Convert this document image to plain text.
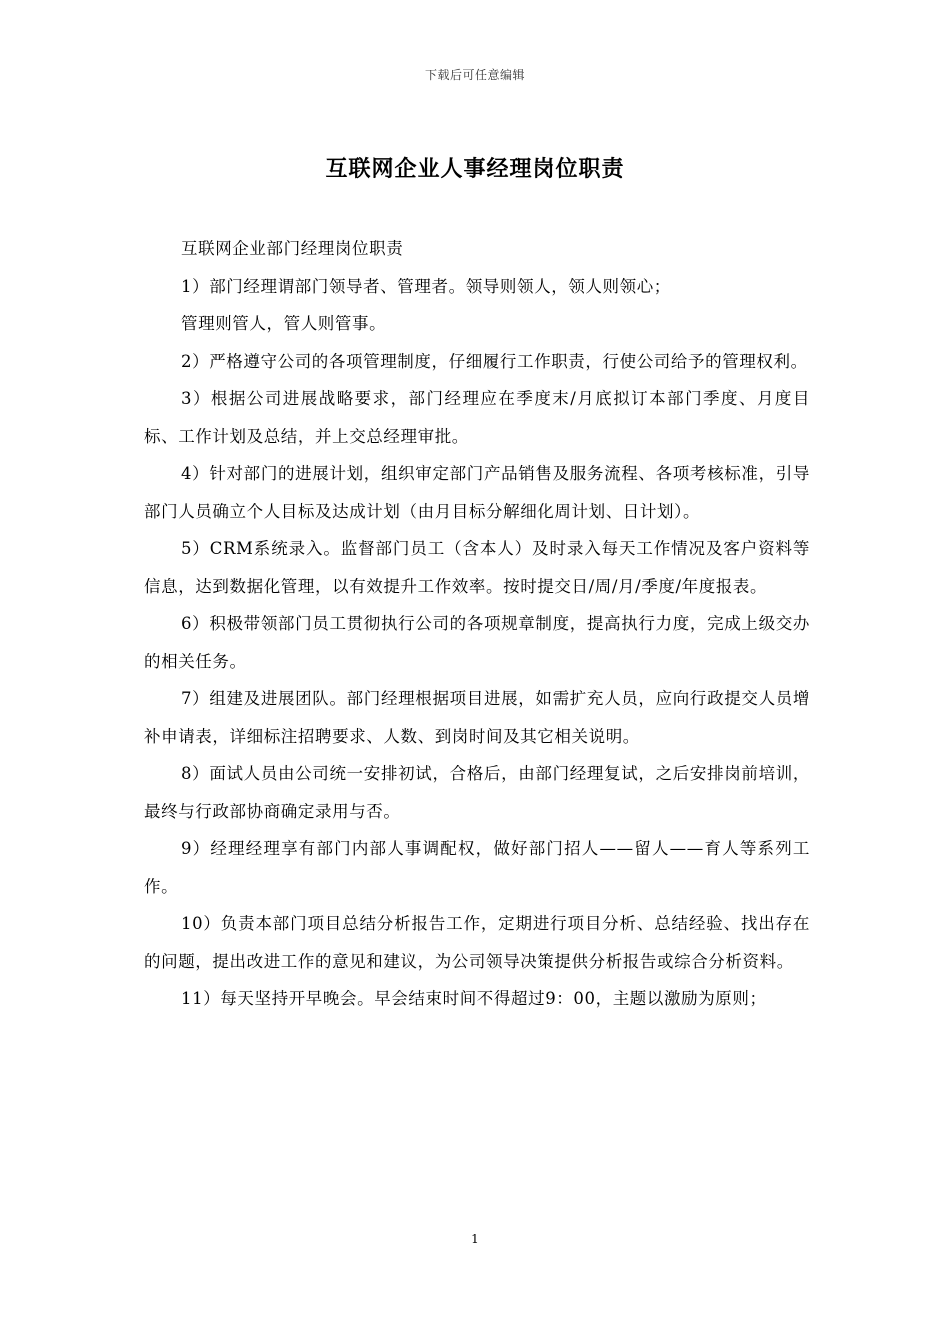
下载后可任意编辑
互联网企业人事经理岗位职责

互联网企业部门经理岗位职责

1）部门经理谓部门领导者、管理者。领导则领人，领人则领心；

管理则管人，管人则管事。

2）严格遵守公司的各项管理制度，仔细履行工作职责，行使公司给予的管理权利。

3）根据公司进展战略要求，部门经理应在季度末/月底拟订本部门季度、月度目标、工作计划及总结，并上交总经理审批。

4）针对部门的进展计划，组织审定部门产品销售及服务流程、各项考核标准，引导部门人员确立个人目标及达成计划（由月目标分解细化周计划、日计划）。

5）CRM系统录入。监督部门员工（含本人）及时录入每天工作情况及客户资料等信息，达到数据化管理，以有效提升工作效率。按时提交日/周/月/季度/年度报表。

6）积极带领部门员工贯彻执行公司的各项规章制度，提高执行力度，完成上级交办的相关任务。

7）组建及进展团队。部门经理根据项目进展，如需扩充人员，应向行政提交人员增补申请表，详细标注招聘要求、人数、到岗时间及其它相关说明。

8）面试人员由公司统一安排初试，合格后，由部门经理复试，之后安排岗前培训，最终与行政部协商确定录用与否。

9）经理经理享有部门内部人事调配权，做好部门招人——留人——育人等系列工作。

10）负责本部门项目总结分析报告工作，定期进行项目分析、总结经验、找出存在的问题，提出改进工作的意见和建议，为公司领导决策提供分析报告或综合分析资料。

11）每天坚持开早晚会。早会结束时间不得超过9：00，主题以激励为原则；

1
